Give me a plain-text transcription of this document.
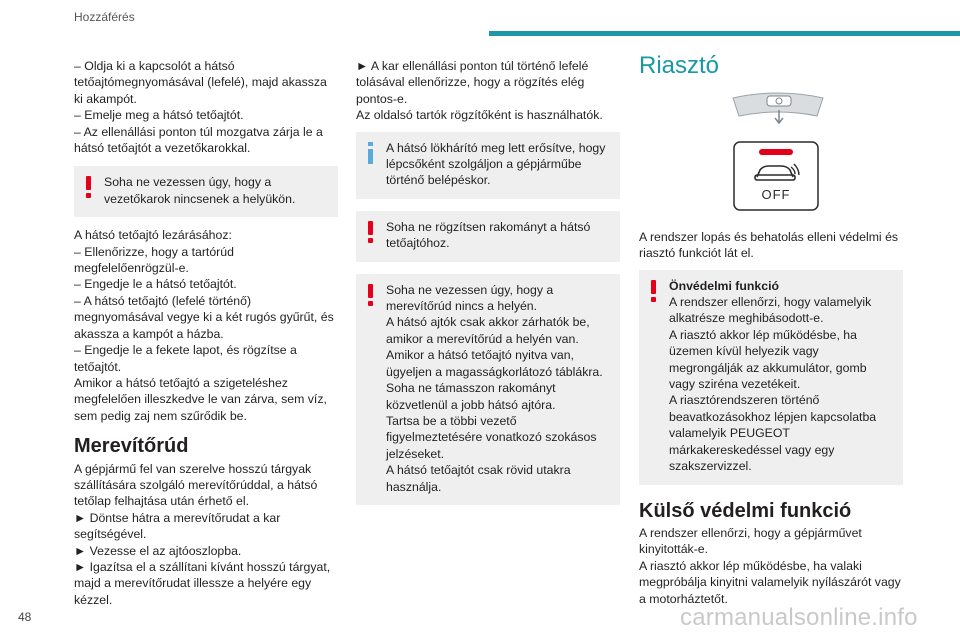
Hozzáférés

– Oldja ki a kapcsolót a hátsó tetőajtómegnyomásával (lefelé), majd akassza ki akampót.
– Emelje meg a hátsó tetőajtót.
– Az ellenállási ponton túl mozgatva zárja le a hátsó tetőajtót a vezetőkarokkal.

Soha ne vezessen úgy, hogy a vezetőkarok nincsenek a helyükön.

A hátsó tetőajtó lezárásához:
– Ellenőrizze, hogy a tartórúd megfelelőenrögzül-e.
– Engedje le a hátsó tetőajtót.
– A hátsó tetőajtó (lefelé történő) megnyomásával vegye ki a két rugós gyűrűt, és akassza a kampót a házba.
– Engedje le a fekete lapot, és rögzítse a tetőajtót.
Amikor a hátsó tetőajtó a szigeteléshez megfelelően illeszkedve le van zárva, sem víz, sem pedig zaj nem szűrődik be.

Merevítőrúd

A gépjármű fel van szerelve hosszú tárgyak szállítására szolgáló merevítőrúddal, a hátsó tetőlap felhajtása után érhető el.
► Döntse hátra a merevítőrudat a kar segítségével.
► Vezesse el az ajtóoszlopba.
► Igazítsa el a szállítani kívánt hosszú tárgyat, majd a merevítőrudat illessze a helyére egy kézzel.

► A kar ellenállási ponton túl történő lefelé tolásával ellenőrizze, hogy a rögzítés elég pontos-e.
Az oldalsó tartók rögzítőként is használhatók.

A hátsó lökhárító meg lett erősítve, hogy lépcsőként szolgáljon a gépjárműbe történő belépéskor.

Soha ne rögzítsen rakományt a hátsó tetőajtóhoz.

Soha ne vezessen úgy, hogy a merevítőrúd nincs a helyén.
A hátsó ajtók csak akkor zárhatók be, amikor a merevítőrúd a helyén van.
Amikor a hátsó tetőajtó nyitva van, ügyeljen a magasságkorlátozó táblákra.
Soha ne támasszon rakományt közvetlenül a jobb hátsó ajtóra.
Tartsa be a többi vezető figyelmeztetésére vonatkozó szokásos jelzéseket.
A hátsó tetőajtót csak rövid utakra használja.

Riasztó
OFF

A rendszer lopás és behatolás elleni védelmi és riasztó funkciót lát el.

Önvédelmi funkció

A rendszer ellenőrzi, hogy valamelyik alkatrésze meghibásodott-e.
A riasztó akkor lép működésbe, ha üzemen kívül helyezik vagy megrongálják az akkumulátor, gomb vagy sziréna vezetékeit.
A riasztórendszeren történő beavatkozásokhoz lépjen kapcsolatba valamelyik PEUGEOT márkakereskedéssel vagy egy szakszervizzel.

Külső védelmi funkció

A rendszer ellenőrzi, hogy a gépjárművet kinyitották-e.
A riasztó akkor lép működésbe, ha valaki megpróbálja kinyitni valamelyik nyílászárót vagy a motorháztetőt.

48	carmanualsonline.info
